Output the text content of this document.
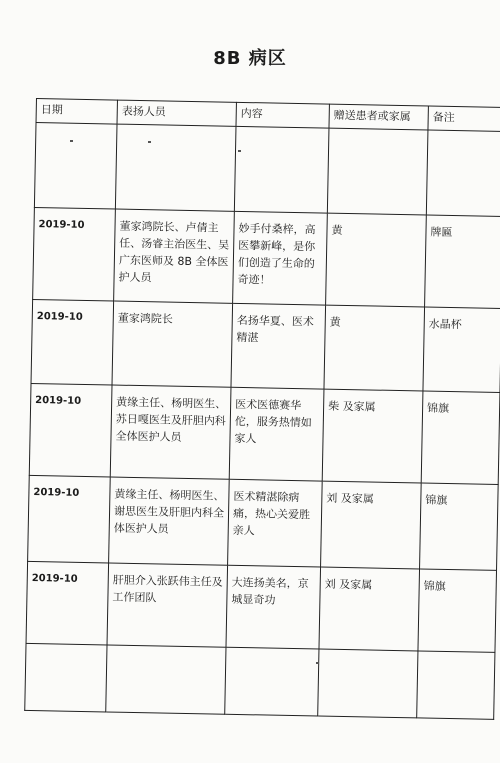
8B 病区
日期	表扬人员	内容	赠送患者或家属	备注

2019-10	董家鸿院长、卢倩主任、汤睿主治医生、吴广东医师及 8B 全体医护人员	妙手付桑梓，高医攀新峰，是你们创造了生命的奇迹！	黄	牌匾
2019-10	董家鸿院长	名扬华夏、医术精湛	黄	水晶杯
2019-10	黄缘主任、杨明医生、苏日嘎医生及肝胆内科全体医护人员	医术医德赛华佗，服务热情如家人	柴 及家属	锦旗
2019-10	黄缘主任、杨明医生、谢思医生及肝胆内科全体医护人员	医术精湛除病痛，热心关爱胜亲人	刘 及家属	锦旗
2019-10	肝胆介入张跃伟主任及工作团队	大连扬美名，京城显奇功	刘 及家属	锦旗
